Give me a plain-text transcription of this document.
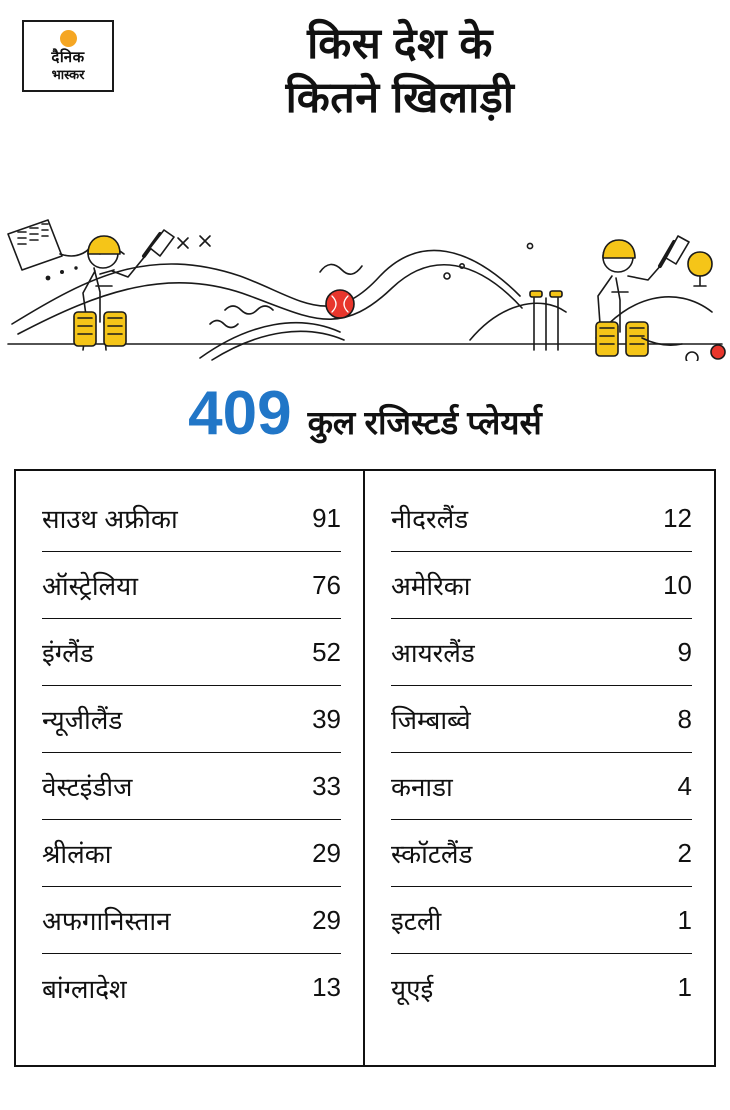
दैनिक
भास्कर
किस देश के
कितने खिलाड़ी
409 कुल रजिस्टर्ड प्लेयर्स
साउथ अफ्रीका	91
ऑस्ट्रेलिया	76
इंग्लैंड	52
न्यूजीलैंड	39
वेस्टइंडीज	33
श्रीलंका	29
अफगानिस्तान	29
बांग्लादेश	13
नीदरलैंड	12
अमेरिका	10
आयरलैंड	9
जिम्बाब्वे	8
कनाडा	4
स्कॉटलैंड	2
इटली	1
यूएई	1
